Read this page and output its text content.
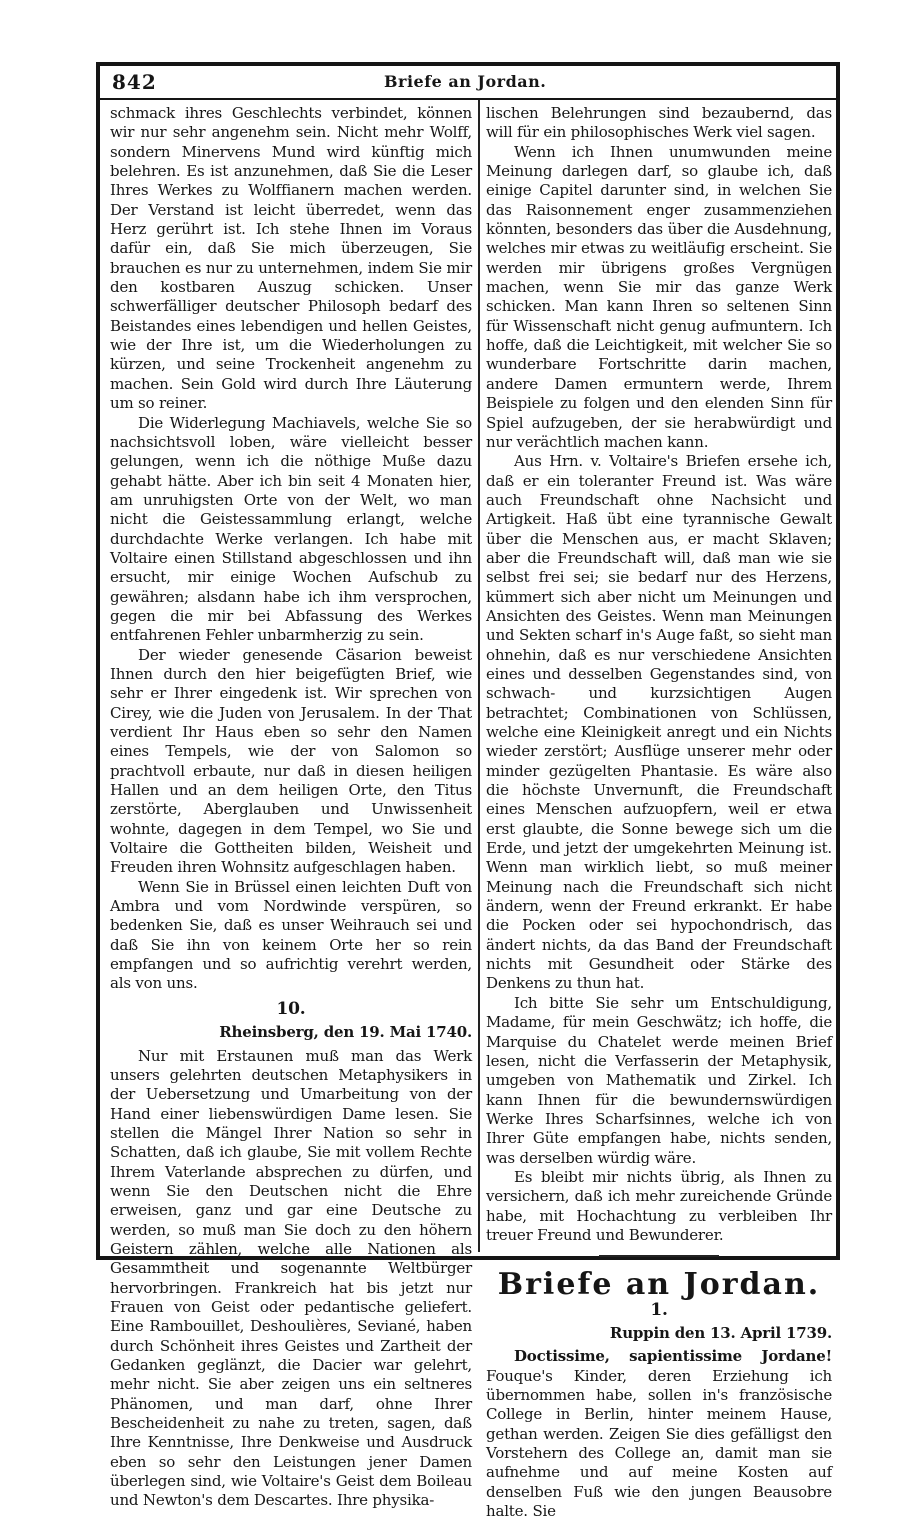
842	Briefe an Jordan.

schmack ihres Geschlechts verbindet, können wir nur sehr angenehm sein. Nicht mehr Wolff, sondern Minervens Mund wird künftig mich belehren. Es ist anzunehmen, daß Sie die Leser Ihres Werkes zu Wolffianern machen werden. Der Verstand ist leicht überredet, wenn das Herz gerührt ist. Ich stehe Ihnen im Voraus dafür ein, daß Sie mich überzeugen, Sie brauchen es nur zu unternehmen, indem Sie mir den kostbaren Auszug schicken. Unser schwerfälliger deutscher Philosoph bedarf des Beistandes eines lebendigen und hellen Geistes, wie der Ihre ist, um die Wiederholungen zu kürzen, und seine Trockenheit angenehm zu machen. Sein Gold wird durch Ihre Läuterung um so reiner.

Die Widerlegung Machiavels, welche Sie so nachsichtsvoll loben, wäre vielleicht besser gelungen, wenn ich die nöthige Muße dazu gehabt hätte. Aber ich bin seit 4 Monaten hier, am unruhigsten Orte von der Welt, wo man nicht die Geistessammlung erlangt, welche durchdachte Werke verlangen. Ich habe mit Voltaire einen Stillstand abgeschlossen und ihn ersucht, mir einige Wochen Aufschub zu gewähren; alsdann habe ich ihm versprochen, gegen die mir bei Abfassung des Werkes entfahrenen Fehler unbarmherzig zu sein.

Der wieder genesende Cäsarion beweist Ihnen durch den hier beigefügten Brief, wie sehr er Ihrer eingedenk ist. Wir sprechen von Cirey, wie die Juden von Jerusalem. In der That verdient Ihr Haus eben so sehr den Namen eines Tempels, wie der von Salomon so prachtvoll erbaute, nur daß in diesen heiligen Hallen und an dem heiligen Orte, den Titus zerstörte, Aberglauben und Unwissenheit wohnte, dagegen in dem Tempel, wo Sie und Voltaire die Gottheiten bilden, Weisheit und Freuden ihren Wohnsitz aufgeschlagen haben.

Wenn Sie in Brüssel einen leichten Duft von Ambra und vom Nordwinde verspüren, so bedenken Sie, daß es unser Weihrauch sei und daß Sie ihn von keinem Orte her so rein empfangen und so aufrichtig verehrt werden, als von uns.

10.
Rheinsberg, den 19. Mai 1740.

Nur mit Erstaunen muß man das Werk unsers gelehrten deutschen Metaphysikers in der Uebersetzung und Umarbeitung von der Hand einer liebenswürdigen Dame lesen. Sie stellen die Mängel Ihrer Nation so sehr in Schatten, daß ich glaube, Sie mit vollem Rechte Ihrem Vaterlande absprechen zu dürfen, und wenn Sie den Deutschen nicht die Ehre erweisen, ganz und gar eine Deutsche zu werden, so muß man Sie doch zu den höhern Geistern zählen, welche alle Nationen als Gesammtheit und sogenannte Weltbürger hervorbringen. Frankreich hat bis jetzt nur Frauen von Geist oder pedantische geliefert. Eine Rambouillet, Deshoulières, Seviané, haben durch Schönheit ihres Geistes und Zartheit der Gedanken geglänzt, die Dacier war gelehrt, mehr nicht. Sie aber zeigen uns ein seltneres Phänomen, und man darf, ohne Ihrer Bescheidenheit zu nahe zu treten, sagen, daß Ihre Kenntnisse, Ihre Denkweise und Ausdruck eben so sehr den Leistungen jener Damen überlegen sind, wie Voltaire's Geist dem Boileau und Newton's dem Descartes. Ihre physika-

lischen Belehrungen sind bezaubernd, das will für ein philosophisches Werk viel sagen.

Wenn ich Ihnen unumwunden meine Meinung darlegen darf, so glaube ich, daß einige Capitel darunter sind, in welchen Sie das Raisonnement enger zusammenziehen könnten, besonders das über die Ausdehnung, welches mir etwas zu weitläufig erscheint. Sie werden mir übrigens großes Vergnügen machen, wenn Sie mir das ganze Werk schicken. Man kann Ihren so seltenen Sinn für Wissenschaft nicht genug aufmuntern. Ich hoffe, daß die Leichtigkeit, mit welcher Sie so wunderbare Fortschritte darin machen, andere Damen ermuntern werde, Ihrem Beispiele zu folgen und den elenden Sinn für Spiel aufzugeben, der sie herabwürdigt und nur verächtlich machen kann.

Aus Hrn. v. Voltaire's Briefen ersehe ich, daß er ein toleranter Freund ist. Was wäre auch Freundschaft ohne Nachsicht und Artigkeit. Haß übt eine tyrannische Gewalt über die Menschen aus, er macht Sklaven; aber die Freundschaft will, daß man wie sie selbst frei sei; sie bedarf nur des Herzens, kümmert sich aber nicht um Meinungen und Ansichten des Geistes. Wenn man Meinungen und Sekten scharf in's Auge faßt, so sieht man ohnehin, daß es nur verschiedene Ansichten eines und desselben Gegenstandes sind, von schwach- und kurzsichtigen Augen betrachtet; Combinationen von Schlüssen, welche eine Kleinigkeit anregt und ein Nichts wieder zerstört; Ausflüge unserer mehr oder minder gezügelten Phantasie. Es wäre also die höchste Unvernunft, die Freundschaft eines Menschen aufzuopfern, weil er etwa erst glaubte, die Sonne bewege sich um die Erde, und jetzt der umgekehrten Meinung ist. Wenn man wirklich liebt, so muß meiner Meinung nach die Freundschaft sich nicht ändern, wenn der Freund erkrankt. Er habe die Pocken oder sei hypochondrisch, das ändert nichts, da das Band der Freundschaft nichts mit Gesundheit oder Stärke des Denkens zu thun hat.

Ich bitte Sie sehr um Entschuldigung, Madame, für mein Geschwätz; ich hoffe, die Marquise du Chatelet werde meinen Brief lesen, nicht die Verfasserin der Metaphysik, umgeben von Mathematik und Zirkel. Ich kann Ihnen für die bewundernswürdigen Werke Ihres Scharfsinnes, welche ich von Ihrer Güte empfangen habe, nichts senden, was derselben würdig wäre.

Es bleibt mir nichts übrig, als Ihnen zu versichern, daß ich mehr zureichende Gründe habe, mit Hochachtung zu verbleiben Ihr treuer Freund und Bewunderer.

Briefe an Jordan.
1.
Ruppin den 13. April 1739.

Doctissime, sapientissime Jordane! Fouque's Kinder, deren Erziehung ich übernommen habe, sollen in's französische College in Berlin, hinter meinem Hause, gethan werden. Zeigen Sie dies gefälligst den Vorstehern des College an, damit man sie aufnehme und auf meine Kosten auf denselben Fuß wie den jungen Beausobre halte. Sie
